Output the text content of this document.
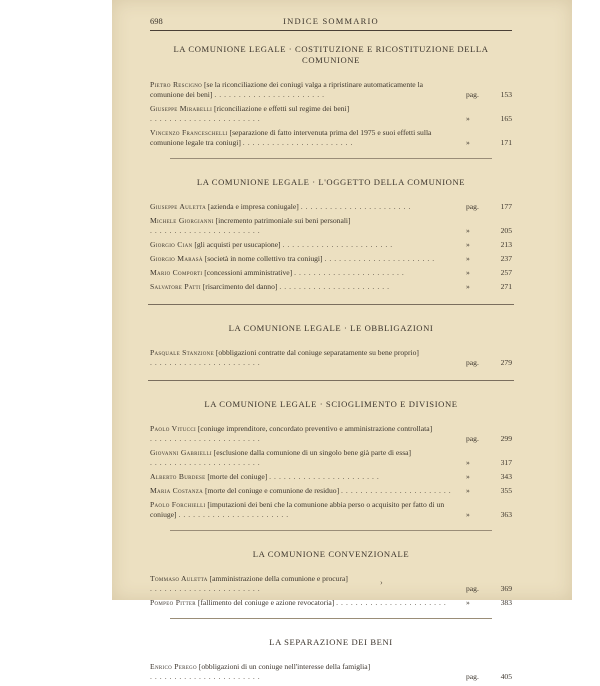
698	INDICE SOMMARIO
LA COMUNIONE LEGALE · COSTITUZIONE E RICOSTITUZIONE DELLA COMUNIONE
Pietro Rescigno [se la riconciliazione dei coniugi valga a ripristinare automaticamente la comunione dei beni] .......................	pag.	153
Giuseppe Mirabelli [riconciliazione e effetti sul regime dei beni] .......................	»	165
Vincenzo Franceschelli [separazione di fatto intervenuta prima del 1975 e suoi effetti sulla comunione legale tra coniugi] .......................	»	171
LA COMUNIONE LEGALE · L'OGGETTO DELLA COMUNIONE
Giuseppe Auletta [azienda e impresa coniugale] .......................	pag.	177
Michele Giorgianni [incremento patrimoniale sui beni personali] .......................	»	205
Giorgio Cian [gli acquisti per usucapione] .......................	»	213
Giorgio Marasà [società in nome collettivo tra coniugi] .......................	»	237
Mario Comporti [concessioni amministrative] .......................	»	257
Salvatore Patti [risarcimento del danno] .......................	»	271
LA COMUNIONE LEGALE · LE OBBLIGAZIONI
Pasquale Stanzione [obbligazioni contratte dal coniuge separatamente su bene proprio] .......................	pag.	279
LA COMUNIONE LEGALE · SCIOGLIMENTO E DIVISIONE
Paolo Vitucci [coniuge imprenditore, concordato preventivo e amministrazione controllata] .......................	pag.	299
Giovanni Gabrielli [esclusione dalla comunione di un singolo bene già parte di essa] .......................	»	317
Alberto Burdese [morte del coniuge] .......................	»	343
Maria Costanza [morte del coniuge e comunione de residuo] .......................	»	355
Paolo Forchielli [imputazioni dei beni che la comunione abbia perso o acquisito per fatto di un coniuge] .......................	»	363
LA COMUNIONE CONVENZIONALE
Tommaso Auletta [amministrazione della comunione e procura] .......................	pag.	369
Pompeo Pitter [fallimento del coniuge e azione revocatoria] .......................	»	383
LA SEPARAZIONE DEI BENI
Enrico Perego [obbligazioni di un coniuge nell'interesse della famiglia] .......................	pag.	405
›
